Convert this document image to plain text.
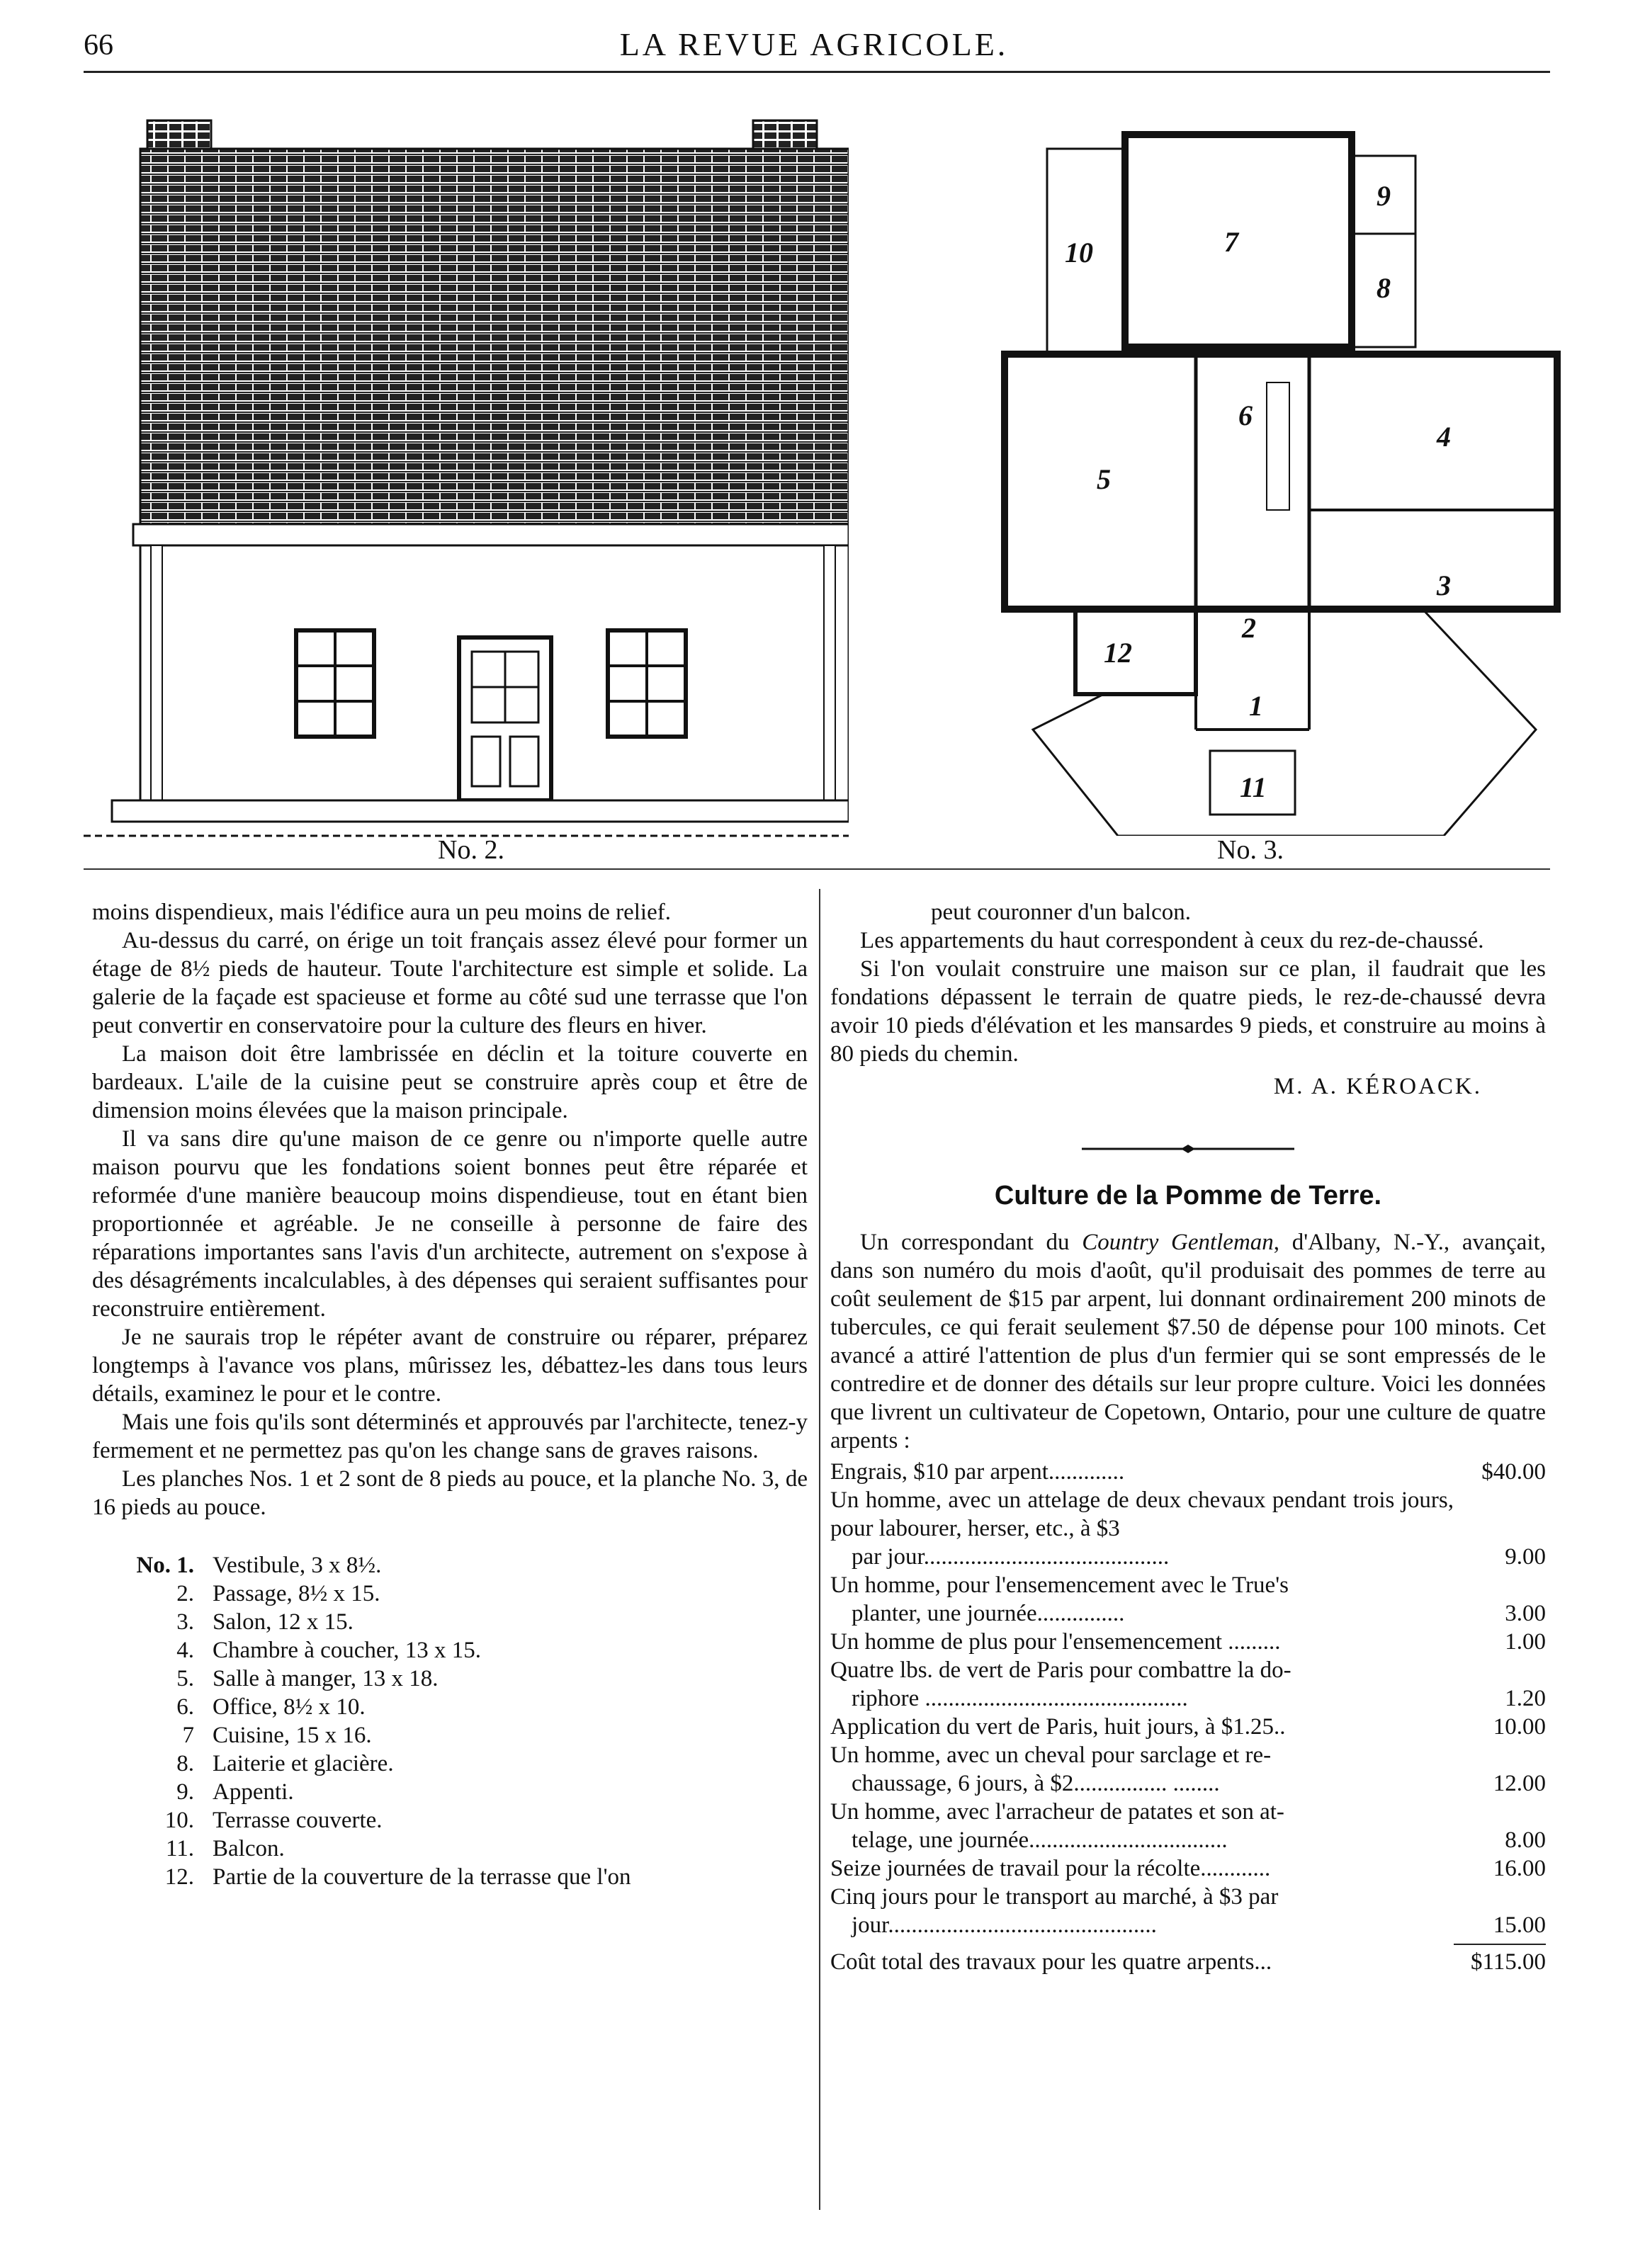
66	LA REVUE AGRICOLE.
No. 2.
7
10
9
8
6
5
4
3
2
12
1
11
No. 3.

moins dispendieux, mais l'édifice aura un peu moins de relief.

Au-dessus du carré, on érige un toit français assez élevé pour former un étage de 8½ pieds de hauteur. Toute l'architecture est simple et solide. La galerie de la façade est spacieuse et forme au côté sud une terrasse que l'on peut convertir en conservatoire pour la culture des fleurs en hiver.

La maison doit être lambrissée en déclin et la toiture couverte en bardeaux. L'aile de la cuisine peut se construire après coup et être de dimension moins élevées que la maison principale.

Il va sans dire qu'une maison de ce genre ou n'importe quelle autre maison pourvu que les fondations soient bonnes peut être réparée et reformée d'une manière beaucoup moins dispendieuse, tout en étant bien proportionnée et agréable. Je ne conseille à personne de faire des réparations importantes sans l'avis d'un architecte, autrement on s'expose à des désagréments incalculables, à des dépenses qui seraient suffisantes pour reconstruire entièrement.

Je ne saurais trop le répéter avant de construire ou réparer, préparez longtemps à l'avance vos plans, mûrissez les, débattez-les dans tous leurs détails, examinez le pour et le contre.

Mais une fois qu'ils sont déterminés et approuvés par l'architecte, tenez-y fermement et ne permettez pas qu'on les change sans de graves raisons.

Les planches Nos. 1 et 2 sont de 8 pieds au pouce, et la planche No. 3, de 16 pieds au pouce.

No. 1. Vestibule, 3 x 8½.
2. Passage, 8½ x 15.
3. Salon, 12 x 15.
4. Chambre à coucher, 13 x 15.
5. Salle à manger, 13 x 18.
6. Office, 8½ x 10.
7 Cuisine, 15 x 16.
8. Laiterie et glacière.
9. Appenti.
10. Terrasse couverte.
11. Balcon.
12. Partie de la couverture de la terrasse que l'on

peut couronner d'un balcon.

Les appartements du haut correspondent à ceux du rez-de-chaussé.

Si l'on voulait construire une maison sur ce plan, il faudrait que les fondations dépassent le terrain de quatre pieds, le rez-de-chaussé devra avoir 10 pieds d'élévation et les mansardes 9 pieds, et construire au moins à 80 pieds du chemin.

M. A. KÉROACK.
Culture de la Pomme de Terre.

Un correspondant du Country Gentleman, d'Albany, N.-Y., avançait, dans son numéro du mois d'août, qu'il produisait des pommes de terre au coût seulement de $15 par arpent, lui donnant ordinairement 200 minots de tubercules, ce qui ferait seulement $7.50 de dépense pour 100 minots. Cet avancé a attiré l'attention de plus d'un fermier qui se sont empressés de le contredire et de donner des détails sur leur propre culture. Voici les données que livrent un cultivateur de Copetown, Ontario, pour une culture de quatre arpents :

Engrais, $10 par arpent.............	$40.00
Un homme, avec un attelage de deux chevaux pendant trois jours, pour labourer, herser, etc., à $3
par jour..........................................	9.00
Un homme, pour l'ensemencement avec le True's
planter, une journée...............	3.00
Un homme de plus pour l'ensemencement .........	1.00
Quatre lbs. de vert de Paris pour combattre la do-
riphore .............................................	1.20
Application du vert de Paris, huit jours, à $1.25..	10.00
Un homme, avec un cheval pour sarclage et re-
chaussage, 6 jours, à $2................ ........	12.00
Un homme, avec l'arracheur de patates et son at-
telage, une journée..................................	8.00
Seize journées de travail pour la récolte............	16.00
Cinq jours pour le transport au marché, à $3 par
jour..............................................	15.00
Coût total des travaux pour les quatre arpents...	$115.00
